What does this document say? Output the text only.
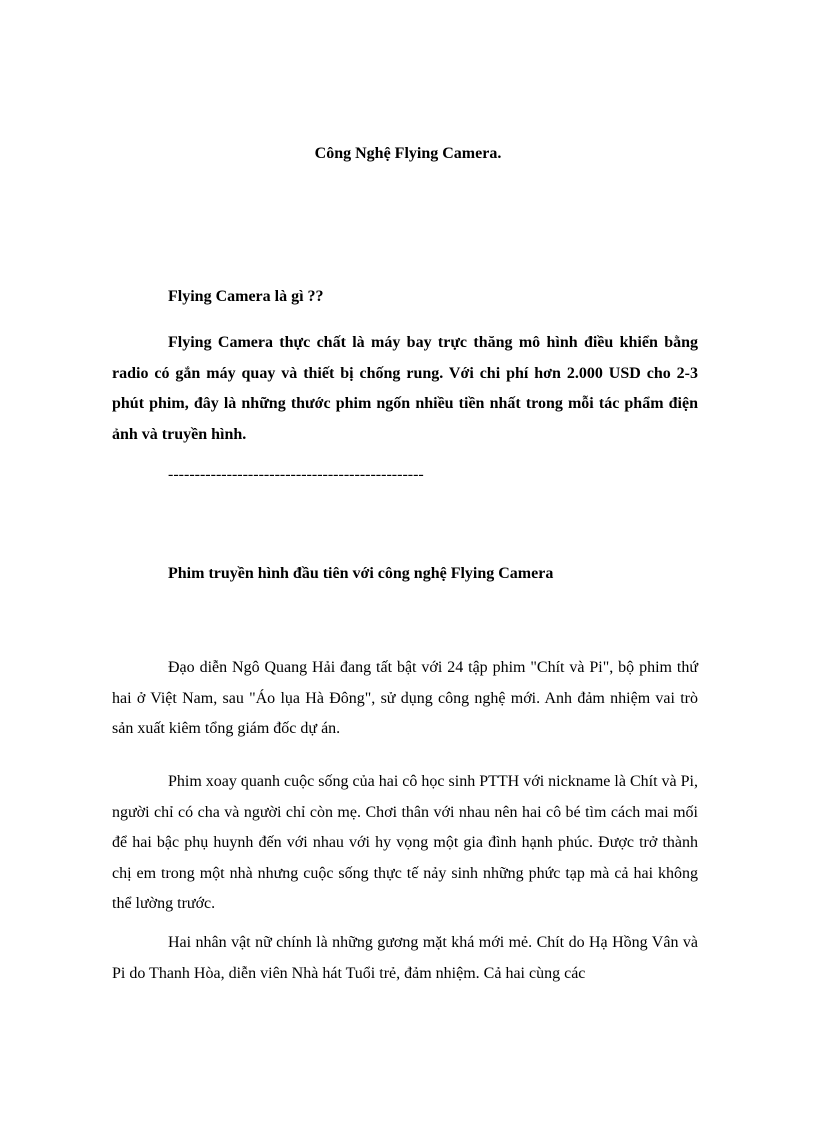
Công Nghệ Flying Camera.
Flying Camera là gì ??

Flying Camera thực chất là máy bay trực thăng mô hình điều khiển bằng radio có gắn máy quay và thiết bị chống rung. Với chi phí hơn 2.000 USD cho 2-3 phút phim, đây là những thước phim ngốn nhiều tiền nhất trong mỗi tác phẩm điện ảnh và truyền hình.

------------------------------------------------
Phim truyền hình đầu tiên với công nghệ Flying Camera

Đạo diễn Ngô Quang Hải đang tất bật với 24 tập phim "Chít và Pi", bộ phim thứ hai ở Việt Nam, sau "Áo lụa Hà Đông", sử dụng công nghệ mới. Anh đảm nhiệm vai trò sản xuất kiêm tổng giám đốc dự án.

Phim xoay quanh cuộc sống của hai cô học sinh PTTH với nickname là Chít và Pi, người chỉ có cha và người chỉ còn mẹ. Chơi thân với nhau nên hai cô bé tìm cách mai mối để hai bậc phụ huynh đến với nhau với hy vọng một gia đình hạnh phúc. Được trở thành chị em trong một nhà nhưng cuộc sống thực tế nảy sinh những phức tạp mà cả hai không thể lường trước.

Hai nhân vật nữ chính là những gương mặt khá mới mẻ. Chít do Hạ Hồng Vân và Pi do Thanh Hòa, diễn viên Nhà hát Tuổi trẻ, đảm nhiệm. Cả hai cùng các
